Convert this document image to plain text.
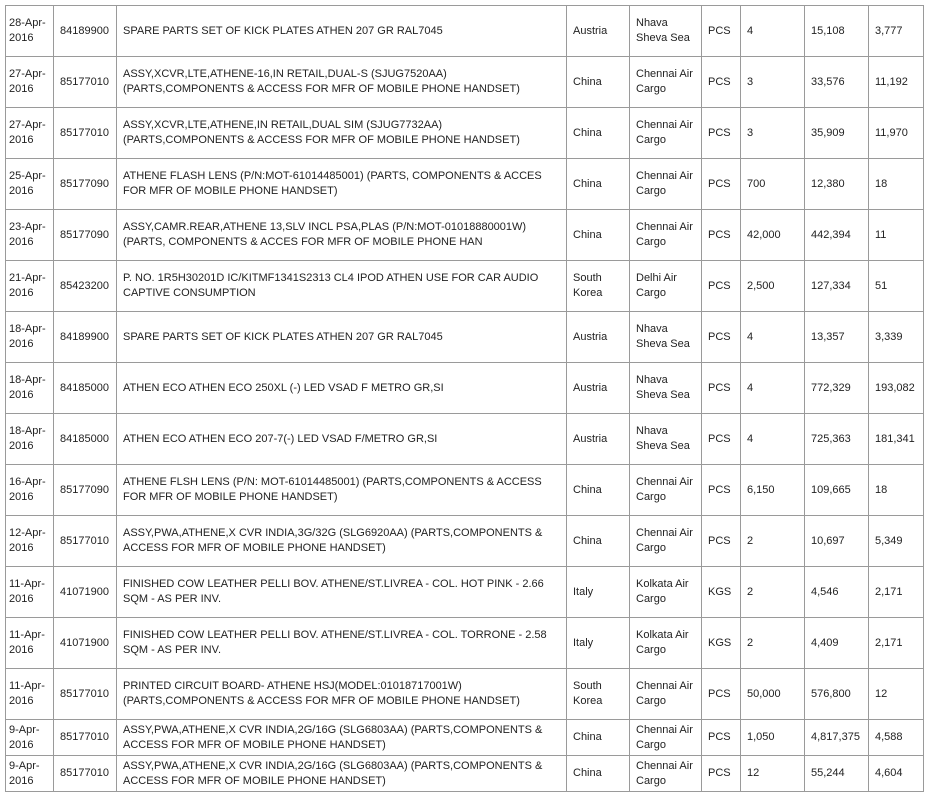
28-Apr-2016	84189900	SPARE PARTS SET OF KICK PLATES ATHEN 207 GR RAL7045	Austria	Nhava Sheva Sea	PCS	4	15,108	3,777
27-Apr-2016	85177010	ASSY,XCVR,LTE,ATHENE-16,IN RETAIL,DUAL-S (SJUG7520AA) (PARTS,COMPONENTS & ACCESS FOR MFR OF MOBILE PHONE HANDSET)	China	Chennai Air Cargo	PCS	3	33,576	11,192
27-Apr-2016	85177010	ASSY,XCVR,LTE,ATHENE,IN RETAIL,DUAL SIM (SJUG7732AA) (PARTS,COMPONENTS & ACCESS FOR MFR OF MOBILE PHONE HANDSET)	China	Chennai Air Cargo	PCS	3	35,909	11,970
25-Apr-2016	85177090	ATHENE FLASH LENS (P/N:MOT-61014485001) (PARTS, COMPONENTS & ACCES FOR MFR OF MOBILE PHONE HANDSET)	China	Chennai Air Cargo	PCS	700	12,380	18
23-Apr-2016	85177090	ASSY,CAMR.REAR,ATHENE 13,SLV INCL PSA,PLAS (P/N:MOT-01018880001W) (PARTS, COMPONENTS & ACCES FOR MFR OF MOBILE PHONE HAN	China	Chennai Air Cargo	PCS	42,000	442,394	11
21-Apr-2016	85423200	P. NO. 1R5H30201D IC/KITMF1341S2313 CL4 IPOD ATHEN USE FOR CAR AUDIO CAPTIVE CONSUMPTION	South Korea	Delhi Air Cargo	PCS	2,500	127,334	51
18-Apr-2016	84189900	SPARE PARTS SET OF KICK PLATES ATHEN 207 GR RAL7045	Austria	Nhava Sheva Sea	PCS	4	13,357	3,339
18-Apr-2016	84185000	ATHEN ECO ATHEN ECO 250XL (-) LED VSAD F METRO GR,SI	Austria	Nhava Sheva Sea	PCS	4	772,329	193,082
18-Apr-2016	84185000	ATHEN ECO ATHEN ECO 207-7(-) LED VSAD F/METRO GR,SI	Austria	Nhava Sheva Sea	PCS	4	725,363	181,341
16-Apr-2016	85177090	ATHENE FLSH LENS (P/N: MOT-61014485001) (PARTS,COMPONENTS & ACCESS FOR MFR OF MOBILE PHONE HANDSET)	China	Chennai Air Cargo	PCS	6,150	109,665	18
12-Apr-2016	85177010	ASSY,PWA,ATHENE,X CVR INDIA,3G/32G (SLG6920AA) (PARTS,COMPONENTS & ACCESS FOR MFR OF MOBILE PHONE HANDSET)	China	Chennai Air Cargo	PCS	2	10,697	5,349
11-Apr-2016	41071900	FINISHED COW LEATHER PELLI BOV. ATHENE/ST.LIVREA - COL. HOT PINK - 2.66 SQM - AS PER INV.	Italy	Kolkata Air Cargo	KGS	2	4,546	2,171
11-Apr-2016	41071900	FINISHED COW LEATHER PELLI BOV. ATHENE/ST.LIVREA - COL. TORRONE - 2.58 SQM - AS PER INV.	Italy	Kolkata Air Cargo	KGS	2	4,409	2,171
11-Apr-2016	85177010	PRINTED CIRCUIT BOARD- ATHENE HSJ(MODEL:01018717001W) (PARTS,COMPONENTS & ACCESS FOR MFR OF MOBILE PHONE HANDSET)	South Korea	Chennai Air Cargo	PCS	50,000	576,800	12
9-Apr-2016	85177010	ASSY,PWA,ATHENE,X CVR INDIA,2G/16G (SLG6803AA) (PARTS,COMPONENTS & ACCESS FOR MFR OF MOBILE PHONE HANDSET)	China	Chennai Air Cargo	PCS	1,050	4,817,375	4,588
9-Apr-2016	85177010	ASSY,PWA,ATHENE,X CVR INDIA,2G/16G (SLG6803AA) (PARTS,COMPONENTS & ACCESS FOR MFR OF MOBILE PHONE HANDSET)	China	Chennai Air Cargo	PCS	12	55,244	4,604
